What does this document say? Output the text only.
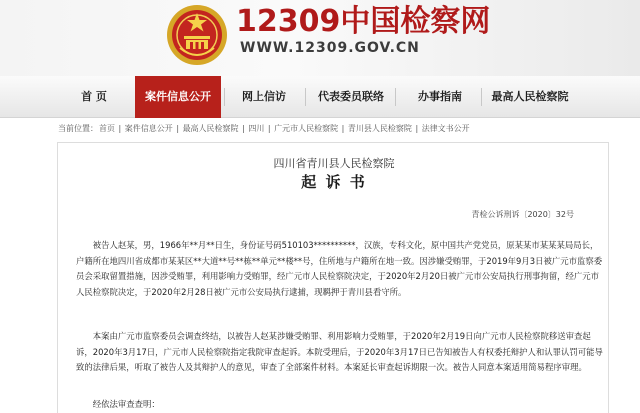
12309中国检察网
WWW.12309.GOV.CN
首 页	案件信息公开	网上信访	代表委员联络	办事指南	最高人民检察院
当前位置：首页 | 案件信息公开 | 最高人民检察院 | 四川 | 广元市人民检察院 | 青川县人民检察院 | 法律文书公开
四川省青川县人民检察院
起 诉 书
青检公诉刑诉〔2020〕32号

被告人赵某，男，1966年**月**日生，身份证号码510103**********，汉族，专科文化，原中国共产党党员，原某某市某某某局局长，户籍所在地四川省成都市某某区**大道**号**栋**单元**楼**号，住所地与户籍所在地一致。因涉嫌受贿罪，于2019年9月3日被广元市监察委员会采取留置措施，因涉受贿罪，利用影响力受贿罪，经广元市人民检察院决定，于2020年2月20日被广元市公安局执行刑事拘留，经广元市人民检察院决定，于2020年2月28日被广元市公安局执行逮捕，现羁押于青川县看守所。

本案由广元市监察委员会调查终结，以被告人赵某涉嫌受贿罪、利用影响力受贿罪，于2020年2月19日向广元市人民检察院移送审查起诉，2020年3月17日，广元市人民检察院指定我院审查起诉。本院受理后，于2020年3月17日已告知被告人有权委托辩护人和认罪认罚可能导致的法律后果，听取了被告人及其辩护人的意见，审查了全部案件材料。本案延长审查起诉期限一次。被告人同意本案适用简易程序审理。

经依法审查查明：
